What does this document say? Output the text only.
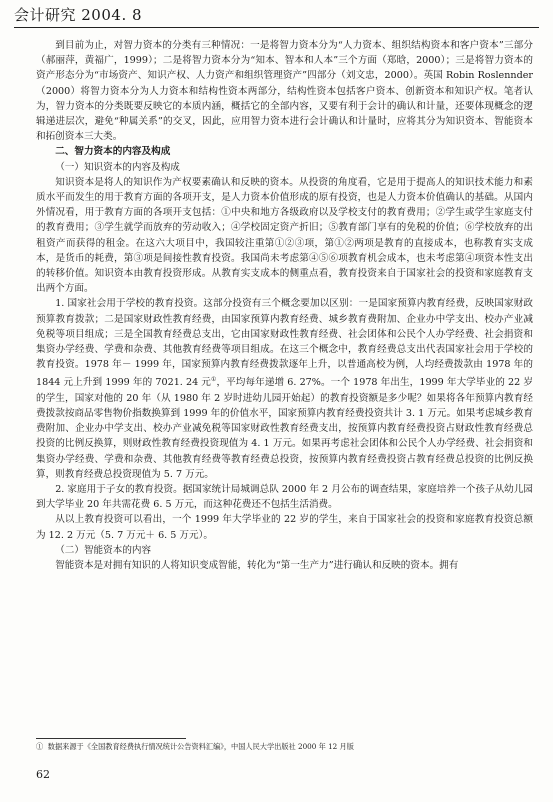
会计研究 2004. 8

到目前为止，对智力资本的分类有三种情况：一是将智力资本分为“人力资本、组织结构资本和客户资本”三部分（郝丽萍，黄福广，1999）；二是将智力资本分为“知本、智本和人本”三个方面（郑晗，2000）；三是将智力资本的资产形态分为“市场资产、知识产权、人力资产和组织管理资产”四部分（刘文忠，2000）。英国 Robin Roslennder（2000）将智力资本分为人力资本和结构性资本两部分，结构性资本包括客户资本、创新资本和知识产权。笔者认为，智力资本的分类既要反映它的本质内涵，概括它的全部内容，又要有利于会计的确认和计量，还要体现概念的逻辑递进层次，避免“种属关系”的交叉，因此，应用智力资本进行会计确认和计量时，应将其分为知识资本、智能资本和拓创资本三大类。

二、智力资本的内容及构成

（一）知识资本的内容及构成

知识资本是将人的知识作为产权要素确认和反映的资本。从投资的角度看，它是用于提高人的知识技术能力和素质水平而发生的用于教育方面的各项开支，是人力资本价值形成的原有投资，也是人力资本价值确认的基础。从国内外情况看，用于教育方面的各项开支包括：①中央和地方各级政府以及学校支付的教育费用；②学生或学生家庭支付的教育费用；③学生就学而放弃的劳动收入；④学校固定资产折旧；⑤教育部门享有的免税的价值；⑥学校放弃的出租资产而获得的租金。在这六大项目中，我国较注重第①②③项，第①②两项是教育的直接成本，也称教育实支成本，是货币的耗费，第③项是间接性教育投资。我国尚未考虑第④⑤⑥项教育机会成本，也未考虑第④项资本性支出的转移价值。知识资本由教育投资形成。从教育实支成本的侧重点看，教育投资来自于国家社会的投资和家庭教育支出两个方面。

1. 国家社会用于学校的教育投资。这部分投资有三个概念要加以区别：一是国家预算内教育经费，反映国家财政预算教育拨款；二是国家财政性教育经费，由国家预算内教育经费、城乡教育费附加、企业办中学支出、校办产业减免税等项目组成；三是全国教育经费总支出，它由国家财政性教育经费、社会团体和公民个人办学经费、社会捐资和集资办学经费、学费和杂费、其他教育经费等项目组成。在这三个概念中，教育经费总支出代表国家社会用于学校的教育投资。1978 年－ 1999 年，国家预算内教育经费拨款逐年上升，以普通高校为例，人均经费拨款由 1978 年的 1844 元上升到 1999 年的 7021. 24 元①，平均每年递增 6. 27%。一个 1978 年出生，1999 年大学毕业的 22 岁的学生，国家对他的 20 年（从 1980 年 2 岁时进幼儿园开始起）的教育投资额是多少呢？如果将各年预算内教育经费拨款按商品零售物价指数换算到 1999 年的价值水平，国家预算内教育经费投资共计 3. 1 万元。如果考虑城乡教育费附加、企业办中学支出、校办产业减免税等国家财政性教育经费支出，按预算内教育经费投资占财政性教育经费总投资的比例反换算，则财政性教育经费投资现值为 4. 1 万元。如果再考虑社会团体和公民个人办学经费、社会捐资和集资办学经费、学费和杂费、其他教育经费等教育经费总投资，按预算内教育经费投资占教育经费总投资的比例反换算，则教育经费总投资现值为 5. 7 万元。

2. 家庭用于子女的教育投资。据国家统计局城调总队 2000 年 2 月公布的调查结果，家庭培养一个孩子从幼儿园到大学毕业 20 年共需花费 6. 5 万元，而这种花费还不包括生活消费。

从以上教育投资可以看出，一个 1999 年大学毕业的 22 岁的学生，来自于国家社会的投资和家庭教育投资总额为 12. 2 万元（5. 7 万元＋ 6. 5 万元）。

（二）智能资本的内容

智能资本是对拥有知识的人将知识变成智能，转化为“第一生产力”进行确认和反映的资本。拥有

① 数据来源于《全国教育经费执行情况统计公告资料汇编》，中国人民大学出版社 2000 年 12 月版
62
